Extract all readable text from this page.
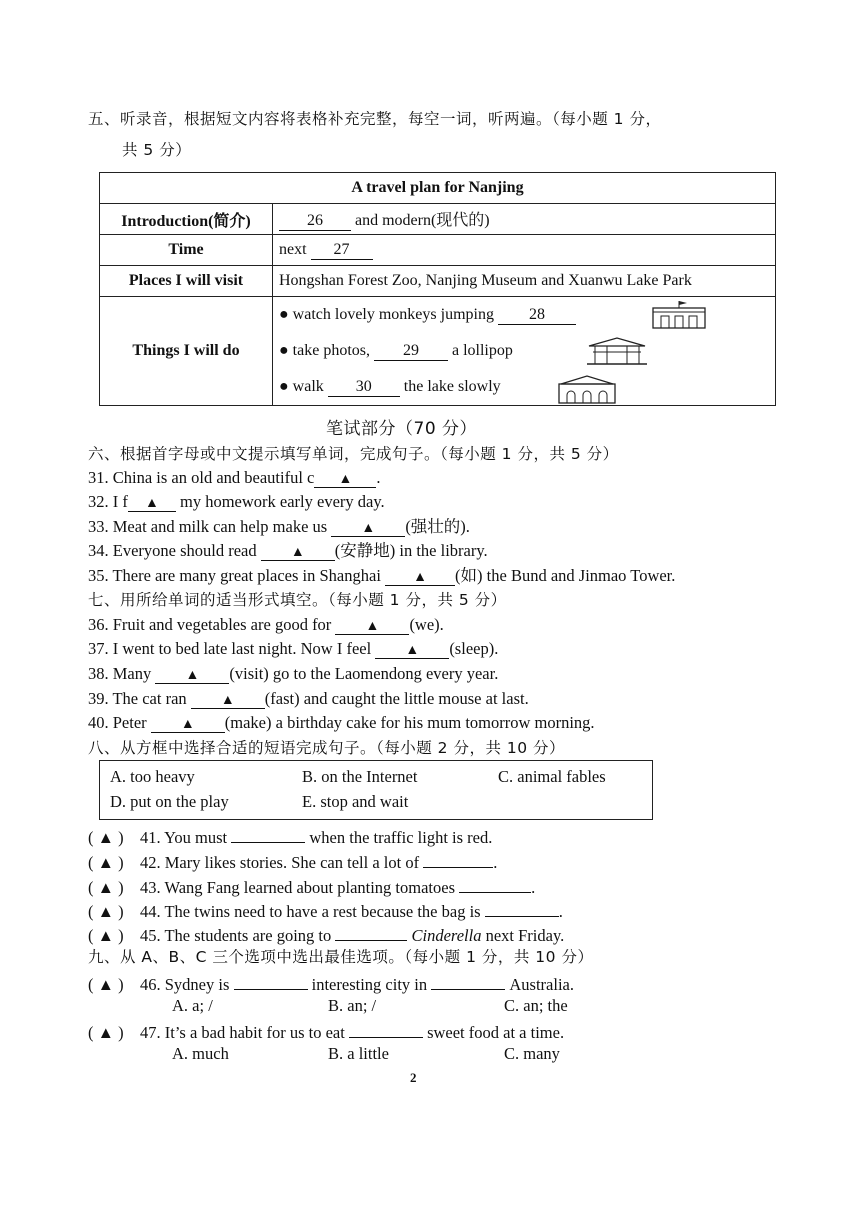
五、听录音，根据短文内容将表格补充完整，每空一词，听两遍。（每小题 1 分，
共 5 分）
A travel plan for Nanjing	
Introduction(简介)	26 and modern(现代的)
Time	next 27
Places I will visit	Hongshan Forest Zoo, Nanjing Museum and Xuanwu Lake Park
Things I will do	● watch lovely monkeys jumping 28
● take photos, 29 a lollipop
● walk 30 the lake slowly
笔试部分（70 分）
六、根据首字母或中文提示填写单词，完成句子。（每小题 1 分，共 5 分）
31. China is an old and beautiful c ▲ .
32. I f ▲ my homework early every day.
33. Meat and milk can help make us ▲ (强壮的).
34. Everyone should read ▲ (安静地) in the library.
35. There are many great places in Shanghai ▲ (如) the Bund and Jinmao Tower.
七、用所给单词的适当形式填空。（每小题 1 分，共 5 分）
36. Fruit and vegetables are good for ▲ (we).
37. I went to bed late last night. Now I feel ▲ (sleep).
38. Many ▲ (visit) go to the Laomendong every year.
39. The cat ran ▲ (fast) and caught the little mouse at last.
40. Peter ▲ (make) a birthday cake for his mum tomorrow morning.
八、从方框中选择合适的短语完成句子。（每小题 2 分，共 10 分）
A. too heavy	B. on the Internet	C. animal fables
D. put on the play	E. stop and wait
( ▲ ) 41. You must	when the traffic light is red.
( ▲ ) 42. Mary likes stories. She can tell a lot of	.
( ▲ ) 43. Wang Fang learned about planting tomatoes	.
( ▲ ) 44. The twins need to have a rest because the bag is	.
( ▲ ) 45. The students are going to	Cinderella next Friday.
九、从 A、B、C 三个选项中选出最佳选项。（每小题 1 分，共 10 分）
( ▲ ) 46. Sydney is	interesting city in	Australia.
A. a; /	B. an; /	C. an; the
( ▲ ) 47. It’s a bad habit for us to eat	sweet food at a time.
A. much	B. a little	C. many
2
